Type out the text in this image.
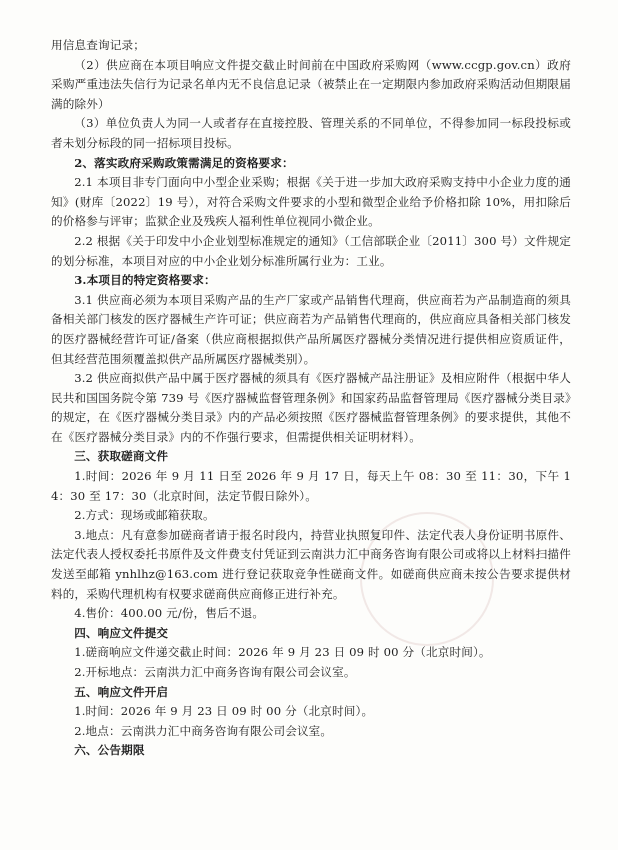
用信息查询记录；

（2）供应商在本项目响应文件提交截止时间前在中国政府采购网（www.ccgp.gov.cn）政府采购严重违法失信行为记录名单内无不良信息记录（被禁止在一定期限内参加政府采购活动但期限届满的除外）

（3）单位负责人为同一人或者存在直接控股、管理关系的不同单位，不得参加同一标段投标或者未划分标段的同一招标项目投标。

2、落实政府采购政策需满足的资格要求：

2.1 本项目非专门面向中小型企业采购；根据《关于进一步加大政府采购支持中小企业力度的通知》(财库〔2022〕19 号），对符合采购文件要求的小型和微型企业给予价格扣除 10%，用扣除后的价格参与评审；监狱企业及残疾人福利性单位视同小微企业。

2.2 根据《关于印发中小企业划型标准规定的通知》（工信部联企业〔2011〕300 号）文件规定的划分标准，本项目对应的中小企业划分标准所属行业为：工业。

3.本项目的特定资格要求：

3.1 供应商必须为本项目采购产品的生产厂家或产品销售代理商，供应商若为产品制造商的须具备相关部门核发的医疗器械生产许可证；供应商若为产品销售代理商的，供应商应具备相关部门核发的医疗器械经营许可证/备案（供应商根据拟供产品所属医疗器械分类情况进行提供相应资质证件，但其经营范围须覆盖拟供产品所属医疗器械类别）。

3.2 供应商拟供产品中属于医疗器械的须具有《医疗器械产品注册证》及相应附件（根据中华人民共和国国务院令第 739 号《医疗器械监督管理条例》和国家药品监督管理局《医疗器械分类目录》的规定，在《医疗器械分类目录》内的产品必须按照《医疗器械监督管理条例》的要求提供，其他不在《医疗器械分类目录》内的不作强行要求，但需提供相关证明材料）。

三、获取磋商文件

1.时间：2026 年 9 月 11 日至 2026 年 9 月 17 日，每天上午 08：30 至 11：30，下午 14：30 至 17：30（北京时间，法定节假日除外）。

2.方式：现场或邮箱获取。

3.地点：凡有意参加磋商者请于报名时段内，持营业执照复印件、法定代表人身份证明书原件、法定代表人授权委托书原件及文件费支付凭证到云南洪力汇中商务咨询有限公司或将以上材料扫描件发送至邮箱 ynhlhz@163.com 进行登记获取竞争性磋商文件。如磋商供应商未按公告要求提供材料的，采购代理机构有权要求磋商供应商修正进行补充。

4.售价：400.00 元/份，售后不退。

四、响应文件提交

1.磋商响应文件递交截止时间：2026 年 9 月 23 日 09 时 00 分（北京时间）。

2.开标地点：云南洪力汇中商务咨询有限公司会议室。

五、响应文件开启

1.时间：2026 年 9 月 23 日 09 时 00 分（北京时间）。

2.地点：云南洪力汇中商务咨询有限公司会议室。

六、公告期限
